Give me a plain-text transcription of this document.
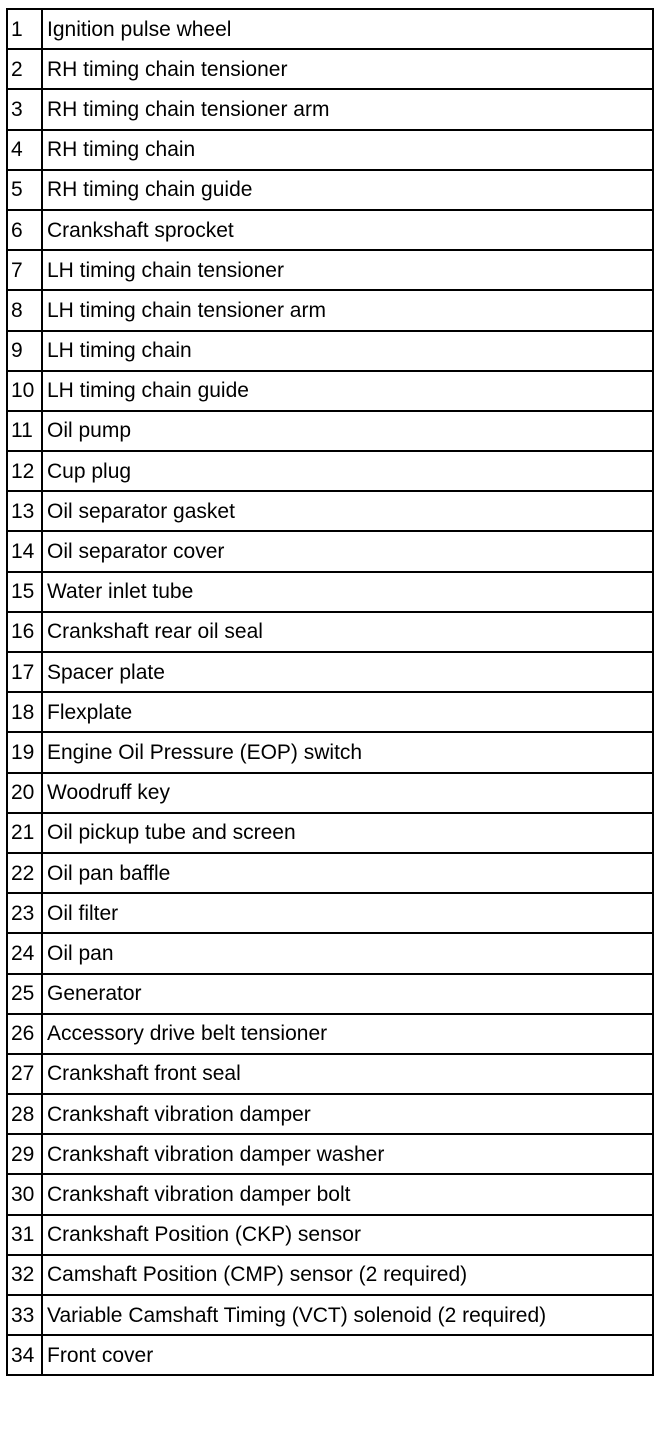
1	Ignition pulse wheel
2	RH timing chain tensioner
3	RH timing chain tensioner arm
4	RH timing chain
5	RH timing chain guide
6	Crankshaft sprocket
7	LH timing chain tensioner
8	LH timing chain tensioner arm
9	LH timing chain
10	LH timing chain guide
11	Oil pump
12	Cup plug
13	Oil separator gasket
14	Oil separator cover
15	Water inlet tube
16	Crankshaft rear oil seal
17	Spacer plate
18	Flexplate
19	Engine Oil Pressure (EOP) switch
20	Woodruff key
21	Oil pickup tube and screen
22	Oil pan baffle
23	Oil filter
24	Oil pan
25	Generator
26	Accessory drive belt tensioner
27	Crankshaft front seal
28	Crankshaft vibration damper
29	Crankshaft vibration damper washer
30	Crankshaft vibration damper bolt
31	Crankshaft Position (CKP) sensor
32	Camshaft Position (CMP) sensor (2 required)
33	Variable Camshaft Timing (VCT) solenoid (2 required)
34	Front cover
